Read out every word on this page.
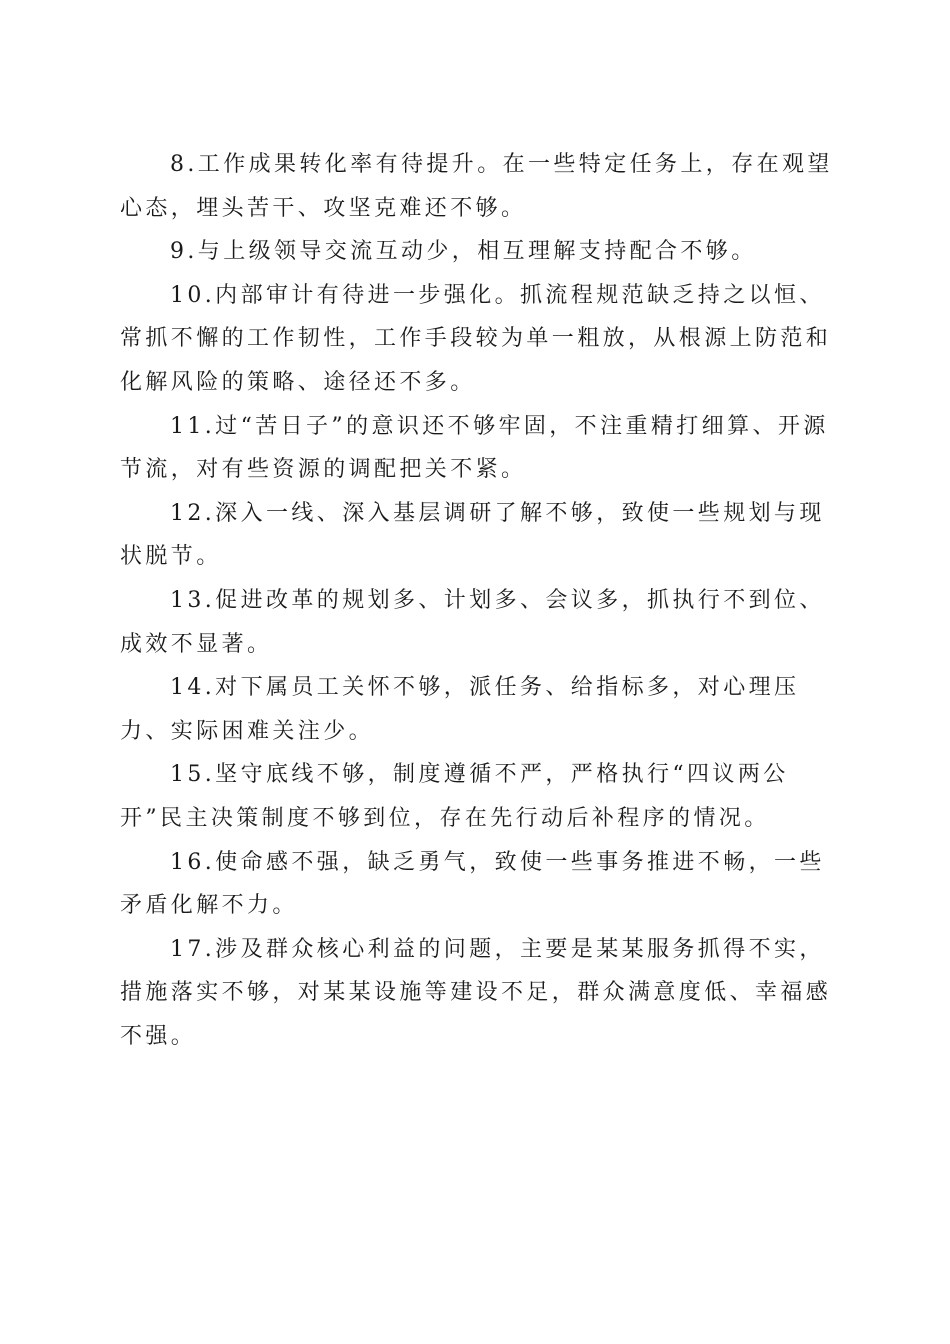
8.工作成果转化率有待提升。在一些特定任务上，存在观望心态，埋头苦干、攻坚克难还不够。

9.与上级领导交流互动少，相互理解支持配合不够。

10.内部审计有待进一步强化。抓流程规范缺乏持之以恒、常抓不懈的工作韧性，工作手段较为单一粗放，从根源上防范和化解风险的策略、途径还不多。

11.过“苦日子”的意识还不够牢固，不注重精打细算、开源节流，对有些资源的调配把关不紧。

12.深入一线、深入基层调研了解不够，致使一些规划与现状脱节。

13.促进改革的规划多、计划多、会议多，抓执行不到位、成效不显著。

14.对下属员工关怀不够，派任务、给指标多，对心理压力、实际困难关注少。

15.坚守底线不够，制度遵循不严，严格执行“四议两公开”民主决策制度不够到位，存在先行动后补程序的情况。

16.使命感不强，缺乏勇气，致使一些事务推进不畅，一些矛盾化解不力。

17.涉及群众核心利益的问题，主要是某某服务抓得不实，措施落实不够，对某某设施等建设不足，群众满意度低、幸福感不强。
